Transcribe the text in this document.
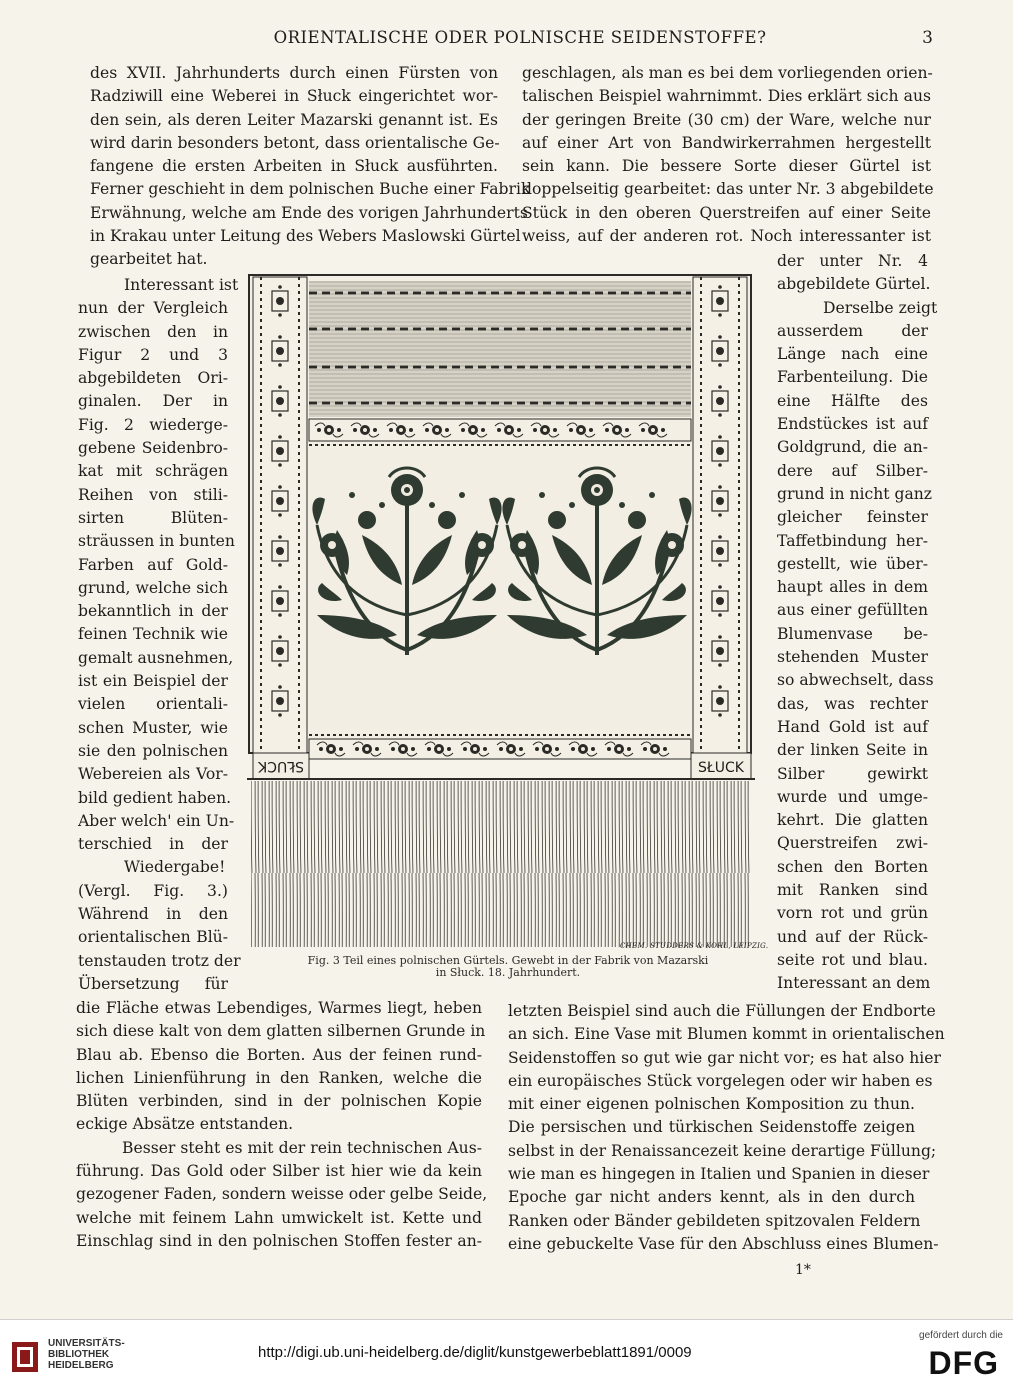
ORIENTALISCHE ODER POLNISCHE SEIDENSTOFFE?	3
des XVII. Jahrhunderts durch einen Fürsten von
Radziwill eine Weberei in Słuck eingerichtet wor-
den sein, als deren Leiter Mazarski genannt ist. Es
wird darin besonders betont, dass orientalische Ge-
fangene die ersten Arbeiten in Słuck ausführten.
Ferner geschieht in dem polnischen Buche einer Fabrik
Erwähnung, welche am Ende des vorigen Jahrhunderts
in Krakau unter Leitung des Webers Maslowski Gürtel
gearbeitet hat.
geschlagen, als man es bei dem vorliegenden orien-
talischen Beispiel wahrnimmt. Dies erklärt sich aus
der geringen Breite (30 cm) der Ware, welche nur
auf einer Art von Bandwirkerrahmen hergestellt
sein kann. Die bessere Sorte dieser Gürtel ist
doppelseitig gearbeitet: das unter Nr. 3 abgebildete
Stück in den oberen Querstreifen auf einer Seite
weiss, auf der anderen rot. Noch interessanter ist
Interessant ist
nun der Vergleich
zwischen den in
Figur 2 und 3
abgebildeten Ori-
ginalen. Der in
Fig. 2 wiederge-
gebene Seidenbro-
kat mit schrägen
Reihen von stili-
sirten Blüten-
sträussen in bunten
Farben auf Gold-
grund, welche sich
bekanntlich in der
feinen Technik wie
gemalt ausnehmen,
ist ein Beispiel der
vielen orientali-
schen Muster, wie
sie den polnischen
Webereien als Vor-
bild gedient haben.
Aber welch' ein Un-
terschied in der
Wiedergabe!
(Vergl. Fig. 3.)
Während in den
orientalischen Blü-
tenstauden trotz der
Übersetzung für
der unter Nr. 4
abgebildete Gürtel.
Derselbe zeigt
ausserdem der
Länge nach eine
Farbenteilung. Die
eine Hälfte des
Endstückes ist auf
Goldgrund, die an-
dere auf Silber-
grund in nicht ganz
gleicher feinster
Taffetbindung her-
gestellt, wie über-
haupt alles in dem
aus einer gefüllten
Blumenvase be-
stehenden Muster
so abwechselt, dass
das, was rechter
Hand Gold ist auf
der linken Seite in
Silber gewirkt
wurde und umge-
kehrt. Die glatten
Querstreifen zwi-
schen den Borten
mit Ranken sind
vorn rot und grün
und auf der Rück-
seite rot und blau.
Interessant an dem
SŁUCK	SŁUCK
CHEM. STUDDERS & KOHL, LEIPZIG.
Fig. 3 Teil eines polnischen Gürtels. Gewebt in der Fabrik von Mazarski
in Słuck. 18. Jahrhundert.
die Fläche etwas Lebendiges, Warmes liegt, heben
sich diese kalt von dem glatten silbernen Grunde in
Blau ab. Ebenso die Borten. Aus der feinen rund-
lichen Linienführung in den Ranken, welche die
Blüten verbinden, sind in der polnischen Kopie
eckige Absätze entstanden.
Besser steht es mit der rein technischen Aus-
führung. Das Gold oder Silber ist hier wie da kein
gezogener Faden, sondern weisse oder gelbe Seide,
welche mit feinem Lahn umwickelt ist. Kette und
Einschlag sind in den polnischen Stoffen fester an-
letzten Beispiel sind auch die Füllungen der Endborte
an sich. Eine Vase mit Blumen kommt in orientalischen
Seidenstoffen so gut wie gar nicht vor; es hat also hier
ein europäisches Stück vorgelegen oder wir haben es
mit einer eigenen polnischen Komposition zu thun.
Die persischen und türkischen Seidenstoffe zeigen
selbst in der Renaissancezeit keine derartige Füllung;
wie man es hingegen in Italien und Spanien in dieser
Epoche gar nicht anders kennt, als in den durch
Ranken oder Bänder gebildeten spitzovalen Feldern
eine gebuckelte Vase für den Abschluss eines Blumen-
1*
UNIVERSITÄTS-
BIBLIOTHEK
HEIDELBERG
http://digi.ub.uni-heidelberg.de/diglit/kunstgewerbeblatt1891/0009
gefördert durch die
DFG
